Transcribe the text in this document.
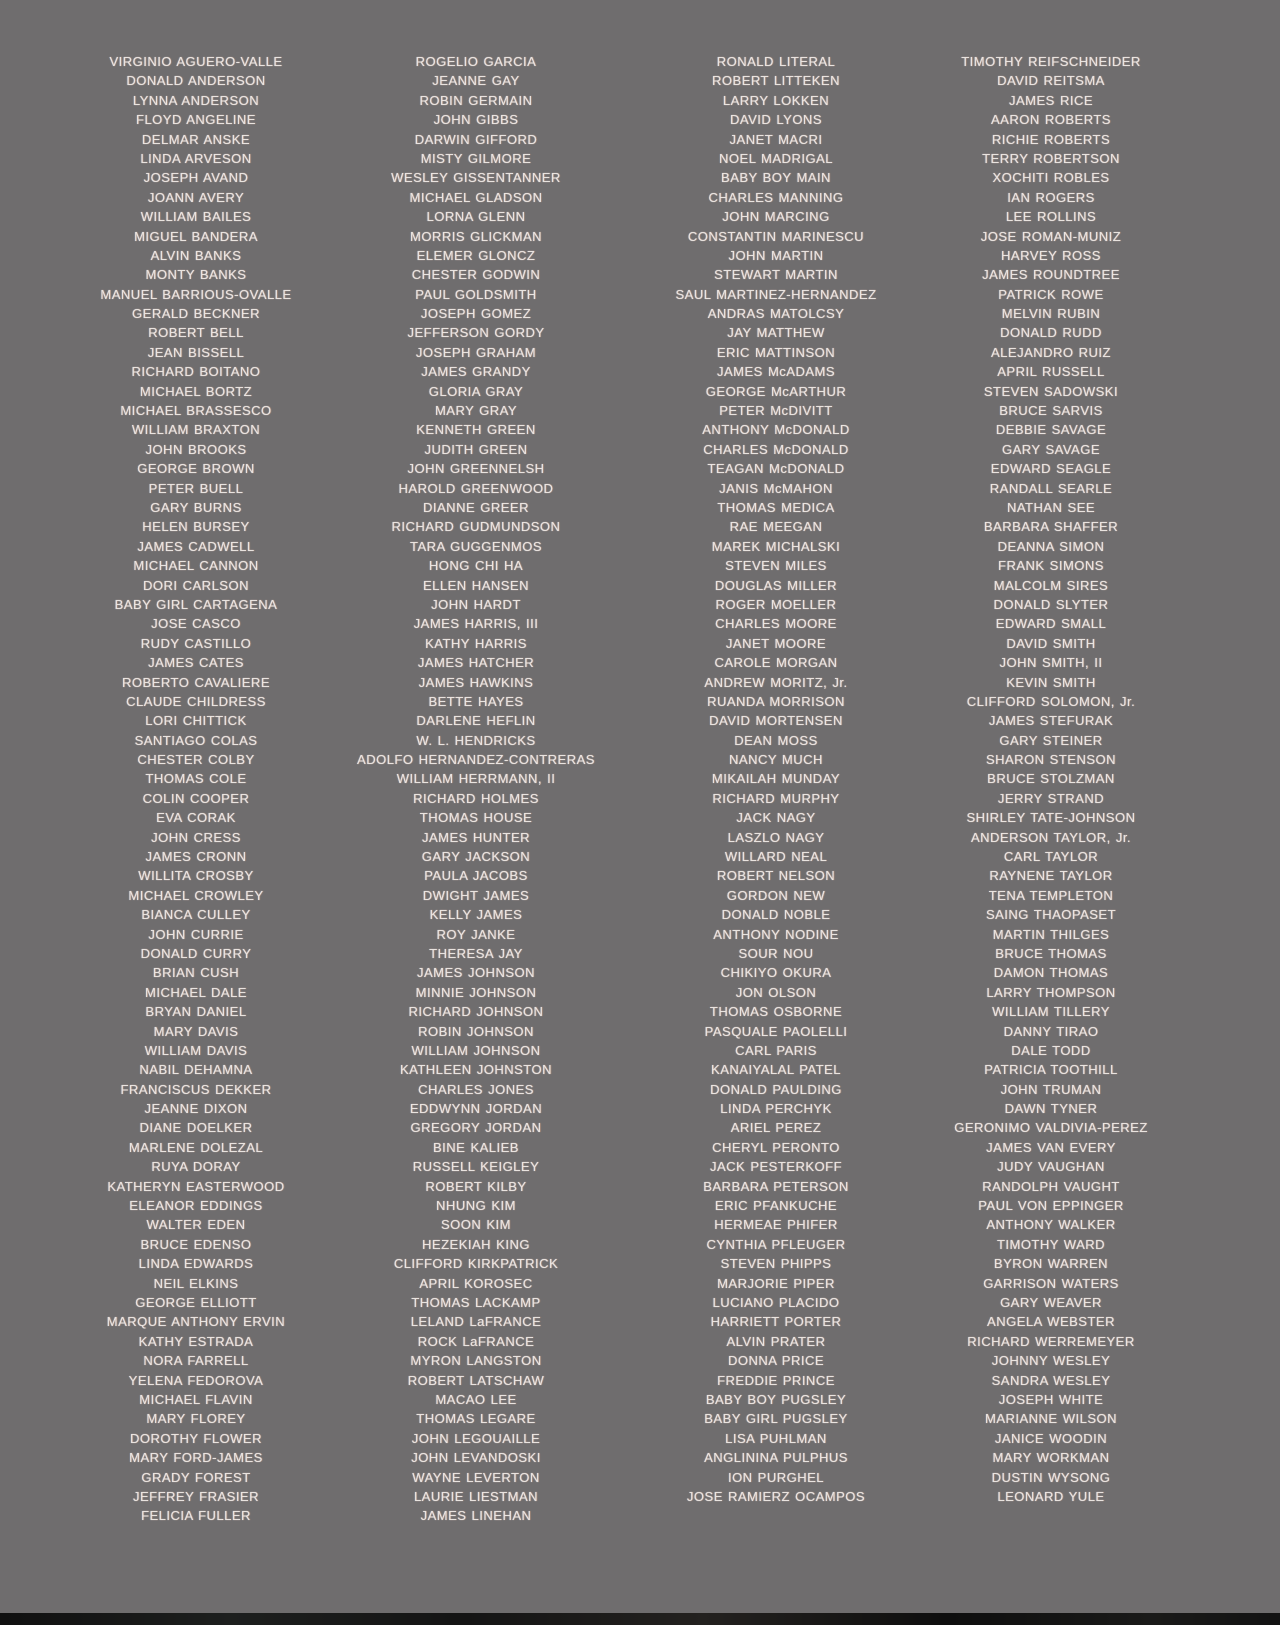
VIRGINIO AGUERO-VALLE
DONALD ANDERSON
LYNNA ANDERSON
FLOYD ANGELINE
DELMAR ANSKE
LINDA ARVESON
JOSEPH AVAND
JOANN AVERY
WILLIAM BAILES
MIGUEL BANDERA
ALVIN BANKS
MONTY BANKS
MANUEL BARRIOUS-OVALLE
GERALD BECKNER
ROBERT BELL
JEAN BISSELL
RICHARD BOITANO
MICHAEL BORTZ
MICHAEL BRASSESCO
WILLIAM BRAXTON
JOHN BROOKS
GEORGE BROWN
PETER BUELL
GARY BURNS
HELEN BURSEY
JAMES CADWELL
MICHAEL CANNON
DORI CARLSON
BABY GIRL CARTAGENA
JOSE CASCO
RUDY CASTILLO
JAMES CATES
ROBERTO CAVALIERE
CLAUDE CHILDRESS
LORI CHITTICK
SANTIAGO COLAS
CHESTER COLBY
THOMAS COLE
COLIN COOPER
EVA CORAK
JOHN CRESS
JAMES CRONN
WILLITA CROSBY
MICHAEL CROWLEY
BIANCA CULLEY
JOHN CURRIE
DONALD CURRY
BRIAN CUSH
MICHAEL DALE
BRYAN DANIEL
MARY DAVIS
WILLIAM DAVIS
NABIL DEHAMNA
FRANCISCUS DEKKER
JEANNE DIXON
DIANE DOELKER
MARLENE DOLEZAL
RUYA DORAY
KATHERYN EASTERWOOD
ELEANOR EDDINGS
WALTER EDEN
BRUCE EDENSO
LINDA EDWARDS
NEIL ELKINS
GEORGE ELLIOTT
MARQUE ANTHONY ERVIN
KATHY ESTRADA
NORA FARRELL
YELENA FEDOROVA
MICHAEL FLAVIN
MARY FLOREY
DOROTHY FLOWER
MARY FORD-JAMES
GRADY FOREST
JEFFREY FRASIER
FELICIA FULLER
ROGELIO GARCIA
JEANNE GAY
ROBIN GERMAIN
JOHN GIBBS
DARWIN GIFFORD
MISTY GILMORE
WESLEY GISSENTANNER
MICHAEL GLADSON
LORNA GLENN
MORRIS GLICKMAN
ELEMER GLONCZ
CHESTER GODWIN
PAUL GOLDSMITH
JOSEPH GOMEZ
JEFFERSON GORDY
JOSEPH GRAHAM
JAMES GRANDY
GLORIA GRAY
MARY GRAY
KENNETH GREEN
JUDITH GREEN
JOHN GREENNELSH
HAROLD GREENWOOD
DIANNE GREER
RICHARD GUDMUNDSON
TARA GUGGENMOS
HONG CHI HA
ELLEN HANSEN
JOHN HARDT
JAMES HARRIS, III
KATHY HARRIS
JAMES HATCHER
JAMES HAWKINS
BETTE HAYES
DARLENE HEFLIN
W. L. HENDRICKS
ADOLFO HERNANDEZ-CONTRERAS
WILLIAM HERRMANN, II
RICHARD HOLMES
THOMAS HOUSE
JAMES HUNTER
GARY JACKSON
PAULA JACOBS
DWIGHT JAMES
KELLY JAMES
ROY JANKE
THERESA JAY
JAMES JOHNSON
MINNIE JOHNSON
RICHARD JOHNSON
ROBIN JOHNSON
WILLIAM JOHNSON
KATHLEEN JOHNSTON
CHARLES JONES
EDDWYNN JORDAN
GREGORY JORDAN
BINE KALIEB
RUSSELL KEIGLEY
ROBERT KILBY
NHUNG KIM
SOON KIM
HEZEKIAH KING
CLIFFORD KIRKPATRICK
APRIL KOROSEC
THOMAS LACKAMP
LELAND LaFRANCE
ROCK LaFRANCE
MYRON LANGSTON
ROBERT LATSCHAW
MACAO LEE
THOMAS LEGARE
JOHN LEGOUAILLE
JOHN LEVANDOSKI
WAYNE LEVERTON
LAURIE LIESTMAN
JAMES LINEHAN
RONALD LITERAL
ROBERT LITTEKEN
LARRY LOKKEN
DAVID LYONS
JANET MACRI
NOEL MADRIGAL
BABY BOY MAIN
CHARLES MANNING
JOHN MARCING
CONSTANTIN MARINESCU
JOHN MARTIN
STEWART MARTIN
SAUL MARTINEZ-HERNANDEZ
ANDRAS MATOLCSY
JAY MATTHEW
ERIC MATTINSON
JAMES McADAMS
GEORGE McARTHUR
PETER McDIVITT
ANTHONY McDONALD
CHARLES McDONALD
TEAGAN McDONALD
JANIS McMAHON
THOMAS MEDICA
RAE MEEGAN
MAREK MICHALSKI
STEVEN MILES
DOUGLAS MILLER
ROGER MOELLER
CHARLES MOORE
JANET MOORE
CAROLE MORGAN
ANDREW MORITZ, Jr.
RUANDA MORRISON
DAVID MORTENSEN
DEAN MOSS
NANCY MUCH
MIKAILAH MUNDAY
RICHARD MURPHY
JACK NAGY
LASZLO NAGY
WILLARD NEAL
ROBERT NELSON
GORDON NEW
DONALD NOBLE
ANTHONY NODINE
SOUR NOU
CHIKIYO OKURA
JON OLSON
THOMAS OSBORNE
PASQUALE PAOLELLI
CARL PARIS
KANAIYALAL PATEL
DONALD PAULDING
LINDA PERCHYK
ARIEL PEREZ
CHERYL PERONTO
JACK PESTERKOFF
BARBARA PETERSON
ERIC PFANKUCHE
HERMEAE PHIFER
CYNTHIA PFLEUGER
STEVEN PHIPPS
MARJORIE PIPER
LUCIANO PLACIDO
HARRIETT PORTER
ALVIN PRATER
DONNA PRICE
FREDDIE PRINCE
BABY BOY PUGSLEY
BABY GIRL PUGSLEY
LISA PUHLMAN
ANGLININA PULPHUS
ION PURGHEL
JOSE RAMIERZ OCAMPOS
TIMOTHY REIFSCHNEIDER
DAVID REITSMA
JAMES RICE
AARON ROBERTS
RICHIE ROBERTS
TERRY ROBERTSON
XOCHITI ROBLES
IAN ROGERS
LEE ROLLINS
JOSE ROMAN-MUNIZ
HARVEY ROSS
JAMES ROUNDTREE
PATRICK ROWE
MELVIN RUBIN
DONALD RUDD
ALEJANDRO RUIZ
APRIL RUSSELL
STEVEN SADOWSKI
BRUCE SARVIS
DEBBIE SAVAGE
GARY SAVAGE
EDWARD SEAGLE
RANDALL SEARLE
NATHAN SEE
BARBARA SHAFFER
DEANNA SIMON
FRANK SIMONS
MALCOLM SIRES
DONALD SLYTER
EDWARD SMALL
DAVID SMITH
JOHN SMITH, II
KEVIN SMITH
CLIFFORD SOLOMON, Jr.
JAMES STEFURAK
GARY STEINER
SHARON STENSON
BRUCE STOLZMAN
JERRY STRAND
SHIRLEY TATE-JOHNSON
ANDERSON TAYLOR, Jr.
CARL TAYLOR
RAYNENE TAYLOR
TENA TEMPLETON
SAING THAOPASET
MARTIN THILGES
BRUCE THOMAS
DAMON THOMAS
LARRY THOMPSON
WILLIAM TILLERY
DANNY TIRAO
DALE TODD
PATRICIA TOOTHILL
JOHN TRUMAN
DAWN TYNER
GERONIMO VALDIVIA-PEREZ
JAMES VAN EVERY
JUDY VAUGHAN
RANDOLPH VAUGHT
PAUL VON EPPINGER
ANTHONY WALKER
TIMOTHY WARD
BYRON WARREN
GARRISON WATERS
GARY WEAVER
ANGELA WEBSTER
RICHARD WERREMEYER
JOHNNY WESLEY
SANDRA WESLEY
JOSEPH WHITE
MARIANNE WILSON
JANICE WOODIN
MARY WORKMAN
DUSTIN WYSONG
LEONARD YULE
